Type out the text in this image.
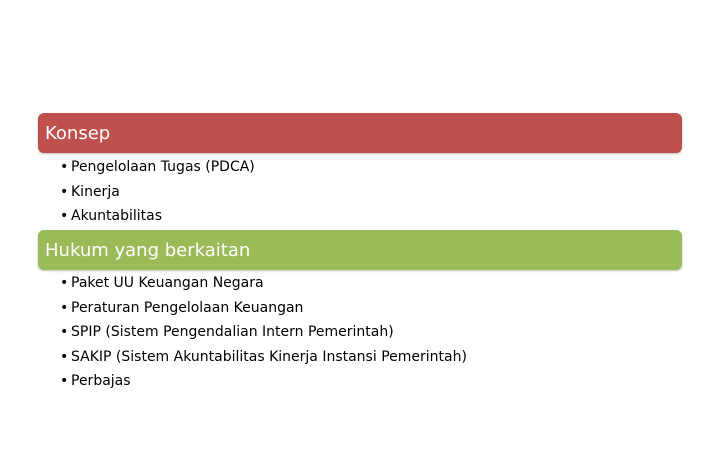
Konsep
• Pengelolaan Tugas (PDCA)
• Kinerja
• Akuntabilitas
Hukum yang berkaitan
• Paket UU Keuangan Negara
• Peraturan Pengelolaan Keuangan
• SPIP (Sistem Pengendalian Intern Pemerintah)
• SAKIP (Sistem Akuntabilitas Kinerja Instansi Pemerintah)
• Perbajas
